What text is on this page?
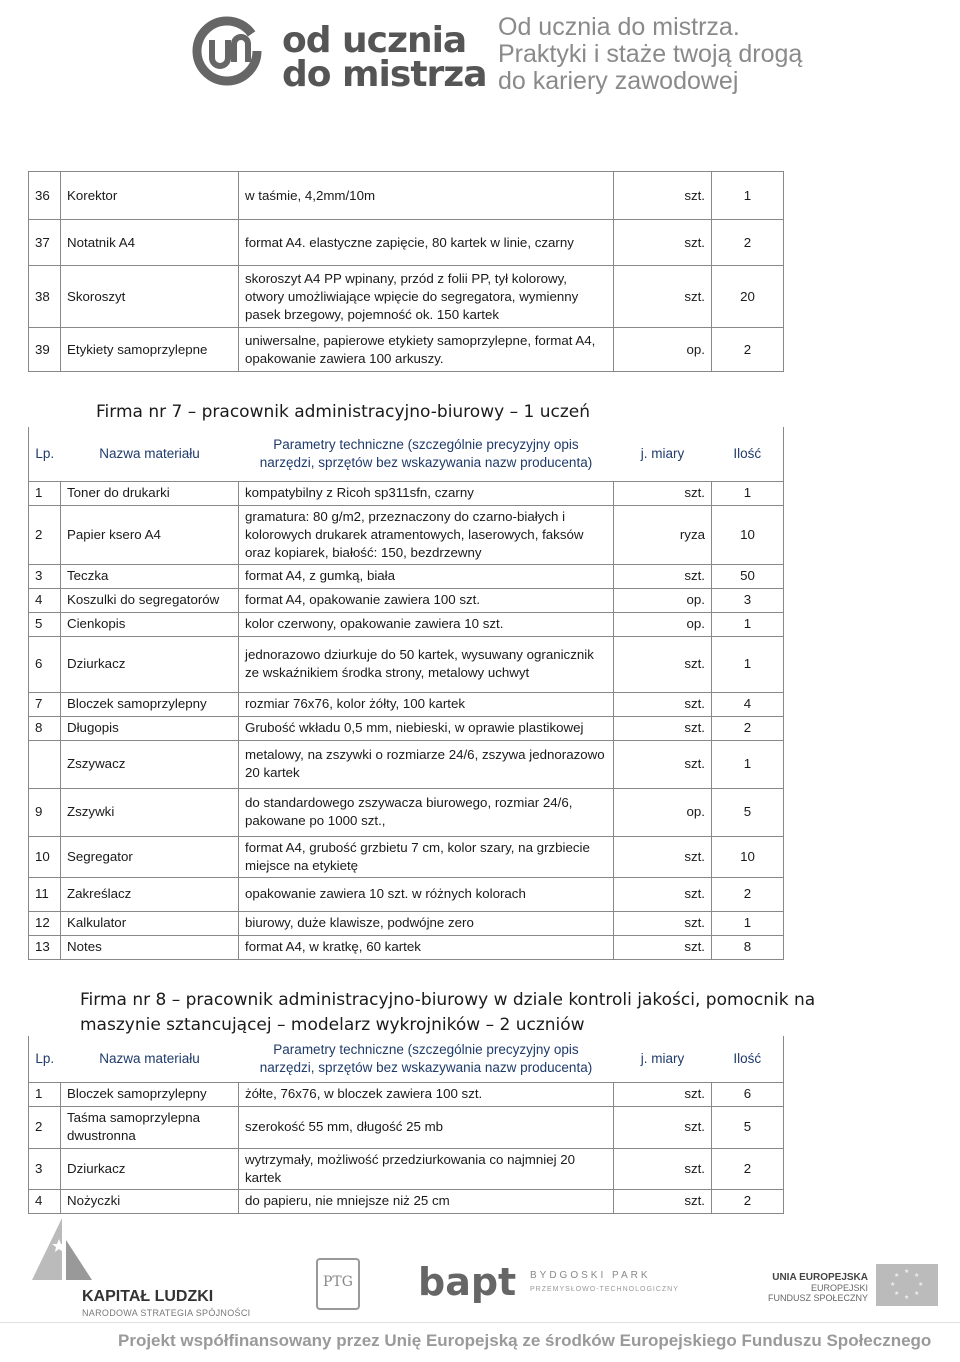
od ucznia
do mistrza
Od ucznia do mistrza.
Praktyki i staże twoją drogą
do kariery zawodowej
36	Korektor	w taśmie, 4,2mm/10m	szt.	1
37	Notatnik A4	format A4. elastyczne zapięcie, 80 kartek w linie, czarny	szt.	2
38	Skoroszyt	skoroszyt A4 PP wpinany, przód z folii PP, tył kolorowy, otwory umożliwiające wpięcie do segregatora, wymienny pasek brzegowy, pojemność ok. 150 kartek	szt.	20
39	Etykiety samoprzylepne	uniwersalne, papierowe etykiety samoprzylepne, format A4, opakowanie zawiera 100 arkuszy.	op.	2
Firma nr 7 – pracownik administracyjno-biurowy – 1 uczeń
Lp.	Nazwa materiału	Parametry techniczne (szczególnie precyzyjny opis narzędzi, sprzętów bez wskazywania nazw producenta)	j. miary	Ilość
1	Toner do drukarki	kompatybilny z Ricoh sp311sfn, czarny	szt.	1
2	Papier ksero A4	gramatura: 80 g/m2, przeznaczony do czarno-białych i kolorowych drukarek atramentowych, laserowych, faksów oraz kopiarek, białość: 150, bezdrzewny	ryza	10
3	Teczka	format A4, z gumką, biała	szt.	50
4	Koszulki do segregatorów	format A4, opakowanie zawiera 100 szt.	op.	3
5	Cienkopis	kolor czerwony, opakowanie zawiera 10 szt.	op.	1
6	Dziurkacz	jednorazowo dziurkuje do 50 kartek, wysuwany ogranicznik ze wskaźnikiem środka strony, metalowy uchwyt	szt.	1
7	Bloczek samoprzylepny	rozmiar 76x76, kolor żółty, 100 kartek	szt.	4
8	Długopis	Grubość wkładu 0,5 mm, niebieski, w oprawie plastikowej	szt.	2
	Zszywacz	metalowy, na zszywki o rozmiarze 24/6, zszywa jednorazowo 20 kartek	szt.	1
9	Zszywki	do standardowego zszywacza biurowego, rozmiar 24/6, pakowane po 1000 szt.,	op.	5
10	Segregator	format A4, grubość grzbietu 7 cm, kolor szary, na grzbiecie miejsce na etykietę	szt.	10
11	Zakreślacz	opakowanie zawiera 10 szt. w różnych kolorach	szt.	2
12	Kalkulator	biurowy, duże klawisze, podwójne zero	szt.	1
13	Notes	format A4, w kratkę, 60 kartek	szt.	8
Firma nr 8 – pracownik administracyjno-biurowy w dziale kontroli jakości, pomocnik na
maszynie sztancującej – modelarz wykrojników – 2 uczniów
Lp.	Nazwa materiału	Parametry techniczne (szczególnie precyzyjny opis narzędzi, sprzętów bez wskazywania nazw producenta)	j. miary	Ilość
1	Bloczek samoprzylepny	żółte, 76x76, w bloczek zawiera 100 szt.	szt.	6
2	Taśma samoprzylepna dwustronna	szerokość 55 mm, długość 25 mb	szt.	5
3	Dziurkacz	wytrzymały, możliwość przedziurkowania co najmniej 20 kartek	szt.	2
4	Nożyczki	do papieru, nie mniejsze niż 25 cm	szt.	2
KAPITAŁ LUDZKI
NARODOWA STRATEGIA SPÓJNOŚCI
PTG bapt BYDGOSKI PARK
PRZEMYSŁOWO-TECHNOLOGICZNY
UNIA EUROPEJSKA
EUROPEJSKI
FUNDUSZ SPOŁECZNY
★
★
★
★
★
★
★
★
Projekt współfinansowany przez Unię Europejską ze środków Europejskiego Funduszu Społecznego
